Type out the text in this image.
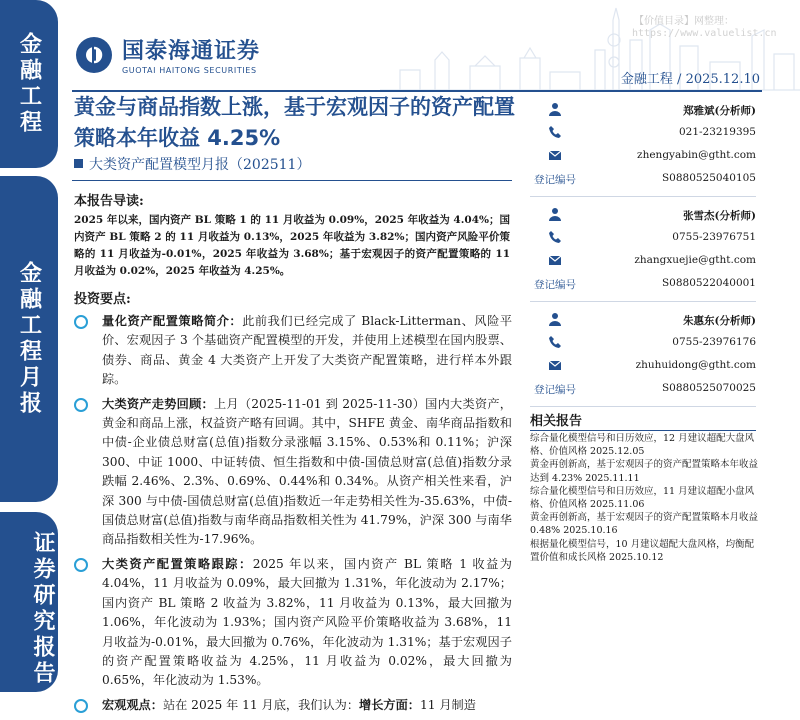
金融工程
金融工程月报
证券研究报告
【价值目录】网整理：
https://www.valuelist.cn
国泰海通证券
GUOTAI HAITONG SECURITIES
金融工程 / 2025.12.10
黄金与商品指数上涨，基于宏观因子的资产配置策略本年收益 4.25%
大类资产配置模型月报（202511）
本报告导读:
2025 年以来，国内资产 BL 策略 1 的 11 月收益为 0.09%，2025 年收益为 4.04%；国内资产 BL 策略 2 的 11 月收益为 0.13%，2025 年收益为 3.82%；国内资产风险平价策略的 11 月收益为-0.01%，2025 年收益为 3.68%；基于宏观因子的资产配置策略的 11 月收益为 0.02%，2025 年收益为 4.25%。
投资要点:
量化资产配置策略简介：此前我们已经完成了 Black-Litterman、风险平价、宏观因子 3 个基础资产配置模型的开发，并使用上述模型在国内股票、债券、商品、黄金 4 大类资产上开发了大类资产配置策略，进行样本外跟踪。
大类资产走势回顾：上月（2025-11-01 到 2025-11-30）国内大类资产，黄金和商品上涨，权益资产略有回调。其中，SHFE 黄金、南华商品指数和中债-企业债总财富(总值)指数分录涨幅 3.15%、0.53%和 0.11%；沪深 300、中证 1000、中证转债、恒生指数和中债-国债总财富(总值)指数分录跌幅 2.46%、2.3%、0.69%、0.44%和 0.34%。从资产相关性来看，沪深 300 与中债-国债总财富(总值)指数近一年走势相关性为-35.63%，中债-国债总财富(总值)指数与南华商品指数相关性为 41.79%，沪深 300 与南华商品指数相关性为-17.96%。
大类资产配置策略跟踪：2025 年以来，国内资产 BL 策略 1 收益为 4.04%，11 月收益为 0.09%，最大回撤为 1.31%，年化波动为 2.17%；国内资产 BL 策略 2 收益为 3.82%，11 月收益为 0.13%，最大回撤为 1.06%，年化波动为 1.93%；国内资产风险平价策略收益为 3.68%，11 月收益为-0.01%，最大回撤为 0.76%，年化波动为 1.31%；基于宏观因子的资产配置策略收益为 4.25%，11 月收益为 0.02%，最大回撤为 0.65%，年化波动为 1.53%。
宏观观点：站在 2025 年 11 月底，我们认为：增长方面：11 月制造
郑雅斌(分析师)
021-23219395
zhengyabin@gtht.com
登记编号	S0880525040105
张雪杰(分析师)
0755-23976751
zhangxuejie@gtht.com
登记编号	S0880522040001
朱惠东(分析师)
0755-23976176
zhuhuidong@gtht.com
登记编号	S0880525070025
相关报告
综合量化模型信号和日历效应，12 月建议超配大盘风格、价值风格 2025.12.05
黄金再创新高，基于宏观因子的资产配置策略本年收益达到 4.23% 2025.11.11
综合量化模型信号和日历效应，11 月建议超配小盘风格、价值风格 2025.11.06
黄金再创新高，基于宏观因子的资产配置策略本月收益 0.48% 2025.10.16
根据量化模型信号，10 月建议超配大盘风格，均衡配置价值和成长风格 2025.10.12
